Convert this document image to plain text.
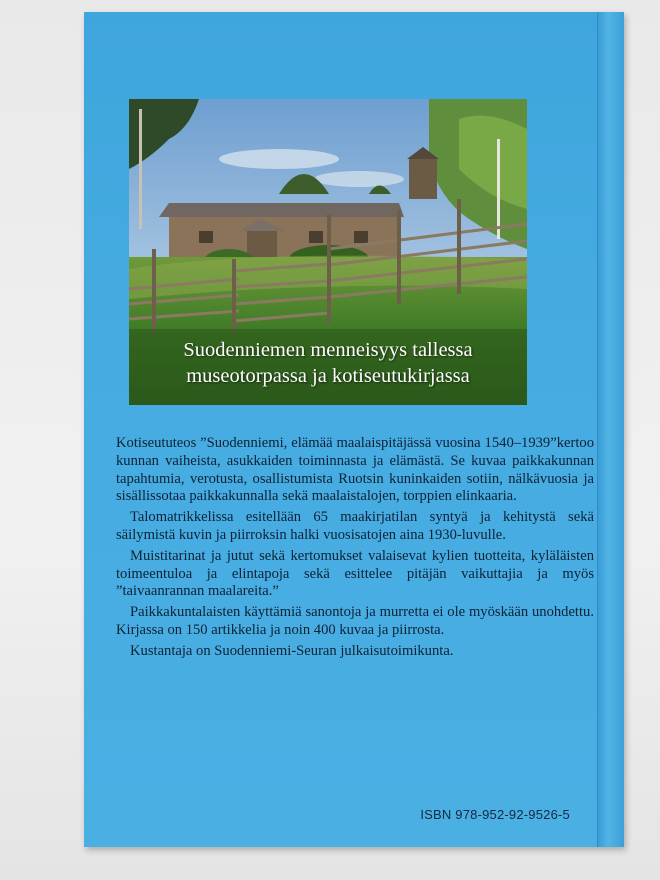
Suodenniemen menneisyys tallessa
museotorpassa ja kotiseutukirjassa

Kotiseututeos ”Suodenniemi, elämää maalaispitäjässä vuosina 1540–1939”kertoo kunnan vaiheista, asukkaiden toiminnasta ja elämästä. Se kuvaa paikkakunnan tapahtumia, verotusta, osallistumista Ruotsin kuninkaiden sotiin, nälkävuosia ja sisällissotaa paikkakunnalla sekä maalaistalojen, torppien elinkaaria.

Talomatrikkelissa esitellään 65 maakirjatilan syntyä ja kehitystä sekä säilymistä kuvin ja piirroksin halki vuosisatojen aina 1930-luvulle.

Muistitarinat ja jutut sekä kertomukset valaisevat kylien tuotteita, kyläläisten toimeentuloa ja elintapoja sekä esittelee pitäjän vaikuttajia ja myös ”taivaanrannan maalareita.”

Paikkakuntalaisten käyttämiä sanontoja ja murretta ei ole myöskään unohdettu. Kirjassa on 150 artikkelia ja noin 400 kuvaa ja piirrosta.

Kustantaja on Suodenniemi-Seuran julkaisutoimikunta.

ISBN 978-952-92-9526-5
